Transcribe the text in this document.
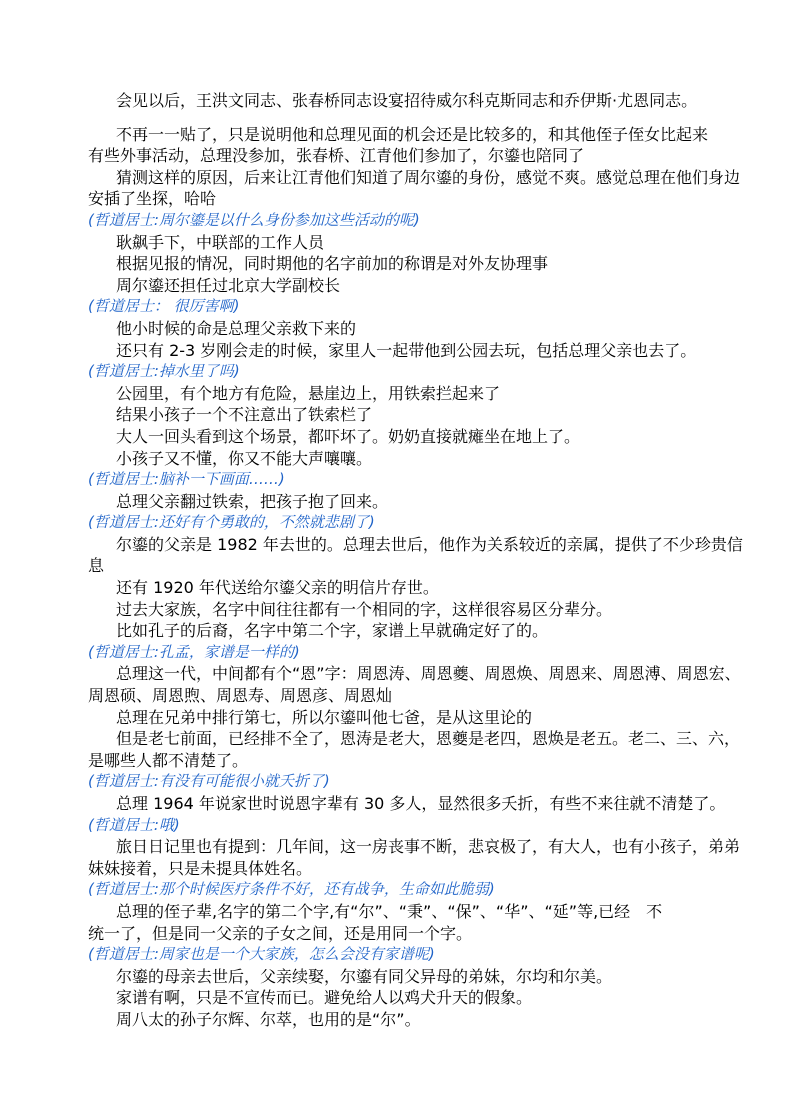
会见以后，王洪文同志、张春桥同志设宴招待威尔科克斯同志和乔伊斯·尤恩同志。
不再一一贴了，只是说明他和总理见面的机会还是比较多的，和其他侄子侄女比起来
有些外事活动，总理没参加，张春桥、江青他们参加了，尔鎏也陪同了
猜测这样的原因，后来让江青他们知道了周尔鎏的身份，感觉不爽。感觉总理在他们身边
安插了坐探，哈哈
(哲道居士:周尔鎏是以什么身份参加这些活动的呢)
耿飙手下，中联部的工作人员
根据见报的情况，同时期他的名字前加的称谓是对外友协理事
周尔鎏还担任过北京大学副校长
(哲道居士： 很厉害啊)
他小时候的命是总理父亲救下来的
还只有 2-3 岁刚会走的时候，家里人一起带他到公园去玩，包括总理父亲也去了。
(哲道居士:掉水里了吗)
公园里，有个地方有危险，悬崖边上，用铁索拦起来了
结果小孩子一个不注意出了铁索栏了
大人一回头看到这个场景，都吓坏了。奶奶直接就瘫坐在地上了。
小孩子又不懂，你又不能大声嚷嚷。
(哲道居士:脑补一下画面……)
总理父亲翻过铁索，把孩子抱了回来。
(哲道居士:还好有个勇敢的，不然就悲剧了)
尔鎏的父亲是 1982 年去世的。总理去世后，他作为关系较近的亲属，提供了不少珍贵信
息
还有 1920 年代送给尔鎏父亲的明信片存世。
过去大家族，名字中间往往都有一个相同的字，这样很容易区分辈分。
比如孔子的后裔，名字中第二个字，家谱上早就确定好了的。
(哲道居士:孔孟，家谱是一样的)
总理这一代，中间都有个“恩”字：周恩涛、周恩夔、周恩焕、周恩来、周恩溥、周恩宏、
周恩硕、周恩煦、周恩寿、周恩彦、周恩灿
总理在兄弟中排行第七，所以尔鎏叫他七爸，是从这里论的
但是老七前面，已经排不全了，恩涛是老大，恩夔是老四，恩焕是老五。老二、三、六，
是哪些人都不清楚了。
(哲道居士:有没有可能很小就夭折了)
总理 1964 年说家世时说恩字辈有 30 多人，显然很多夭折，有些不来往就不清楚了。
(哲道居士:哦)
旅日日记里也有提到：几年间，这一房丧事不断，悲哀极了，有大人，也有小孩子，弟弟
妹妹接着，只是未提具体姓名。
(哲道居士:那个时候医疗条件不好，还有战争，生命如此脆弱)
总理的侄子辈,名字的第二个字,有“尔”、“秉”、“保”、“华”、“延”等,已经　不
统一了，但是同一父亲的子女之间，还是用同一个字。
(哲道居士:周家也是一个大家族，怎么会没有家谱呢)
尔鎏的母亲去世后，父亲续娶，尔鎏有同父异母的弟妹，尔均和尔美。
家谱有啊，只是不宣传而已。避免给人以鸡犬升天的假象。
周八太的孙子尔辉、尔萃，也用的是“尔”。
